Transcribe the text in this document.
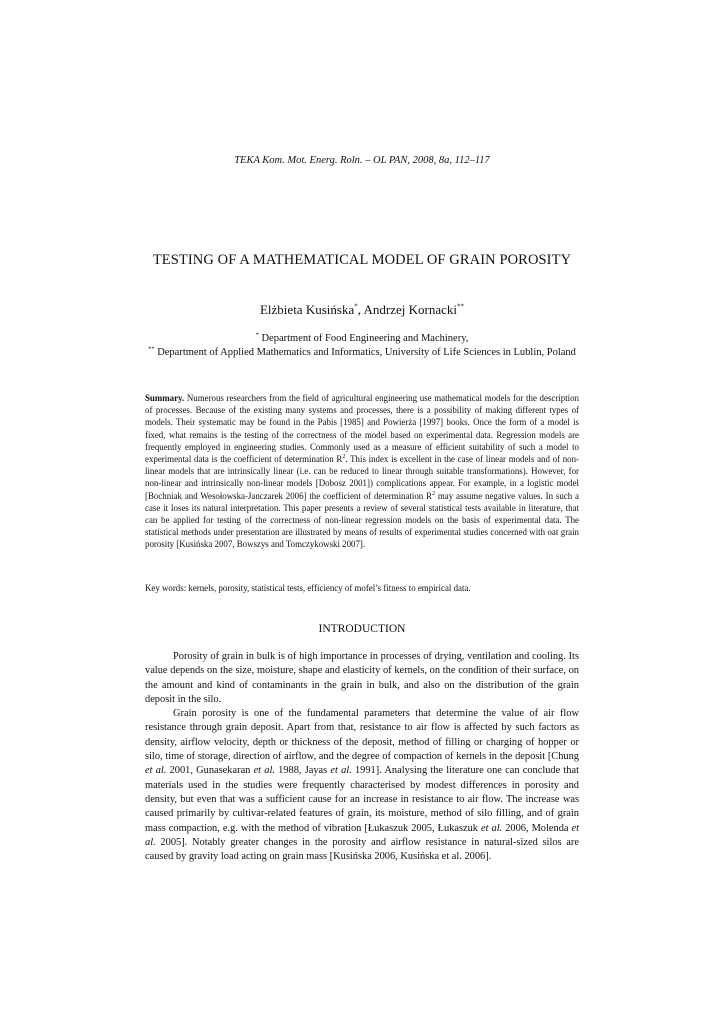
TEKA Kom. Mot. Energ. Roln. – OL PAN, 2008, 8a, 112–117
TESTING OF A MATHEMATICAL MODEL OF GRAIN POROSITY
Elżbieta Kusińska*, Andrzej Kornacki**
* Department of Food Engineering and Machinery,
** Department of Applied Mathematics and Informatics, University of Life Sciences in Lublin, Poland
Summary. Numerous researchers from the field of agricultural engineering use mathematical models for the description of processes. Because of the existing many systems and processes, there is a possibility of making different types of models. Their systematic may be found in the Pabis [1985] and Powierża [1997] books. Once the form of a model is fixed, what remains is the testing of the correctness of the model based on experimental data. Regression models are frequently employed in engineering studies. Commonly used as a measure of efficient suitability of such a model to experimental data is the coefficient of determination $R^2$. This index is excellent in the case of linear models and of non-linear models that are intrinsically linear (i.e. can be reduced to linear through suitable transformations). However, for non-linear and intrinsically non-linear models [Dobosz 2001]) complications appear. For example, in a logistic model [Bochniak and Wesołowska-Janczarek 2006] the coefficient of determination $R^2$ may assume negative values. In such a case it loses its natural interpretation. This paper presents a review of several statistical tests available in literature, that can be applied for testing of the correctness of non-linear regression models on the basis of experimental data. The statistical methods under presentation are illustrated by means of results of experimental studies concerned with oat grain porosity [Kusińska 2007, Bowszys and Tomczykowski 2007].
Key words: kernels, porosity, statistical tests, efficiency of mofel’s fitness to empirical data.
INTRODUCTION

Porosity of grain in bulk is of high importance in processes of drying, ventilation and cooling. Its value depends on the size, moisture, shape and elasticity of kernels, on the condition of their surface, on the amount and kind of contaminants in the grain in bulk, and also on the distribution of the grain deposit in the silo.

Grain porosity is one of the fundamental parameters that determine the value of air flow resistance through grain deposit. Apart from that, resistance to air flow is affected by such factors as density, airflow velocity, depth or thickness of the deposit, method of filling or charging of hopper or silo, time of storage, direction of airflow, and the degree of compaction of kernels in the deposit [Chung et al. 2001, Gunasekaran et al. 1988, Jayas et al. 1991]. Analysing the literature one can conclude that materials used in the studies were frequently characterised by modest differences in porosity and density, but even that was a sufficient cause for an increase in resistance to air flow. The increase was caused primarily by cultivar-related features of grain, its moisture, method of silo filling, and of grain mass compaction, e.g. with the method of vibration [Łukaszuk 2005, Łukaszuk et al. 2006, Molenda et al. 2005]. Notably greater changes in the porosity and airflow resistance in natural-sized silos are caused by gravity load acting on grain mass [Kusińska 2006, Kusińska et al. 2006].
